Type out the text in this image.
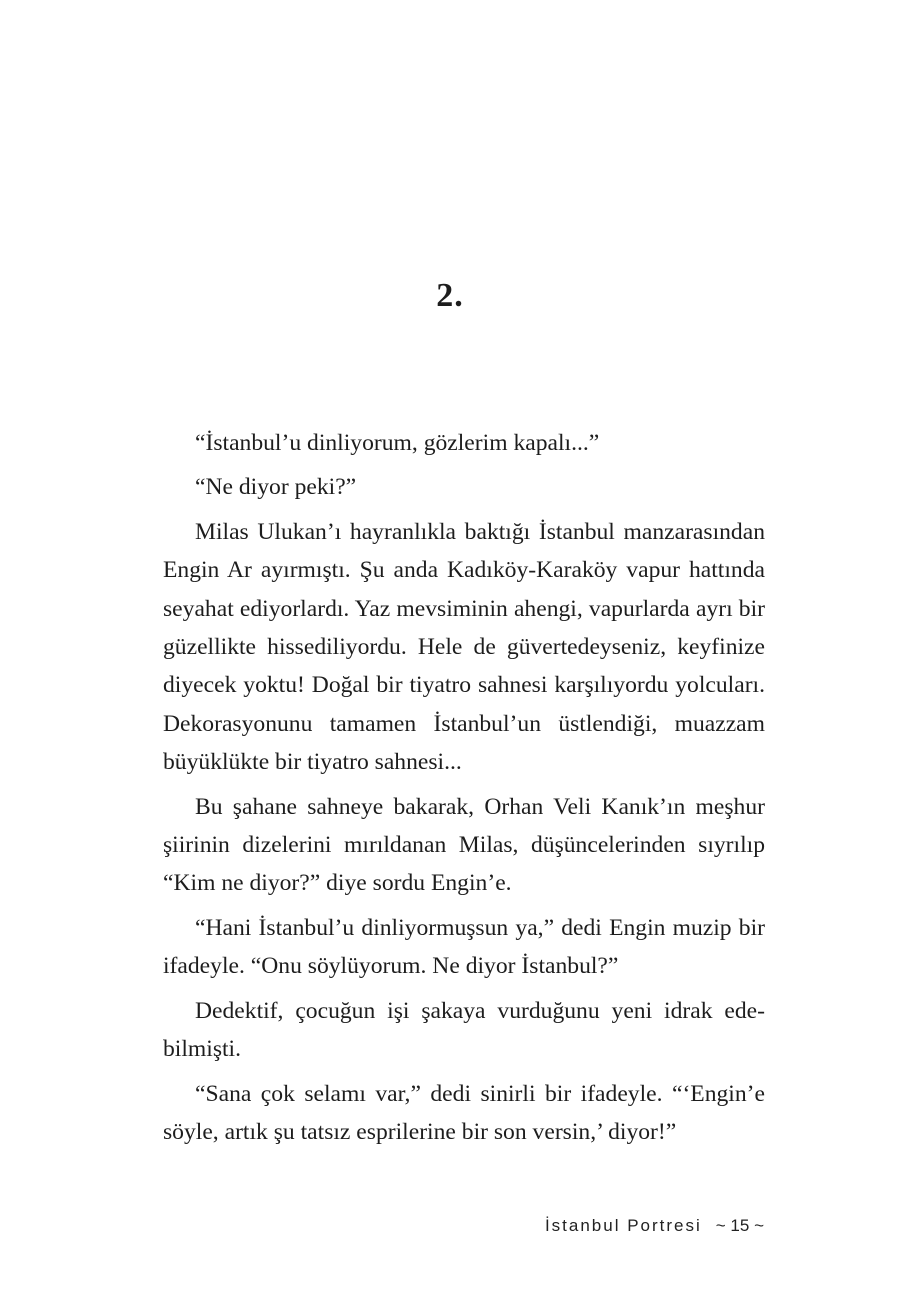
2.

“İstanbul’u dinliyorum, gözlerim kapalı...”

“Ne diyor peki?”

Milas Ulukan’ı hayranlıkla baktığı İstanbul manzarasından Engin Ar ayırmıştı. Şu anda Kadıköy-Karaköy vapur hattında seyahat ediyorlardı. Yaz mevsiminin ahengi, vapurlarda ayrı bir güzellikte hissediliyordu. Hele de güvertedeyseniz, keyfinize diyecek yoktu! Doğal bir tiyatro sahnesi karşılıyordu yolcuları. Dekorasyonunu tamamen İstanbul’un üstlendiği, muazzam büyüklükte bir tiyatro sahnesi...

Bu şahane sahneye bakarak, Orhan Veli Kanık’ın meşhur şiirinin dizelerini mırıldanan Milas, düşüncelerinden sıyrılıp “Kim ne diyor?” diye sordu Engin’e.

“Hani İstanbul’u dinliyormuşsun ya,” dedi Engin muzip bir ifadeyle. “Onu söylüyorum. Ne diyor İstanbul?”

Dedektif, çocuğun işi şakaya vurduğunu yeni idrak edebilmişti.

“Sana çok selamı var,” dedi sinirli bir ifadeyle. “‘Engin’e söyle, artık şu tatsız esprilerine bir son versin,’ diyor!”

İstanbul Portresi ~ 15 ~
